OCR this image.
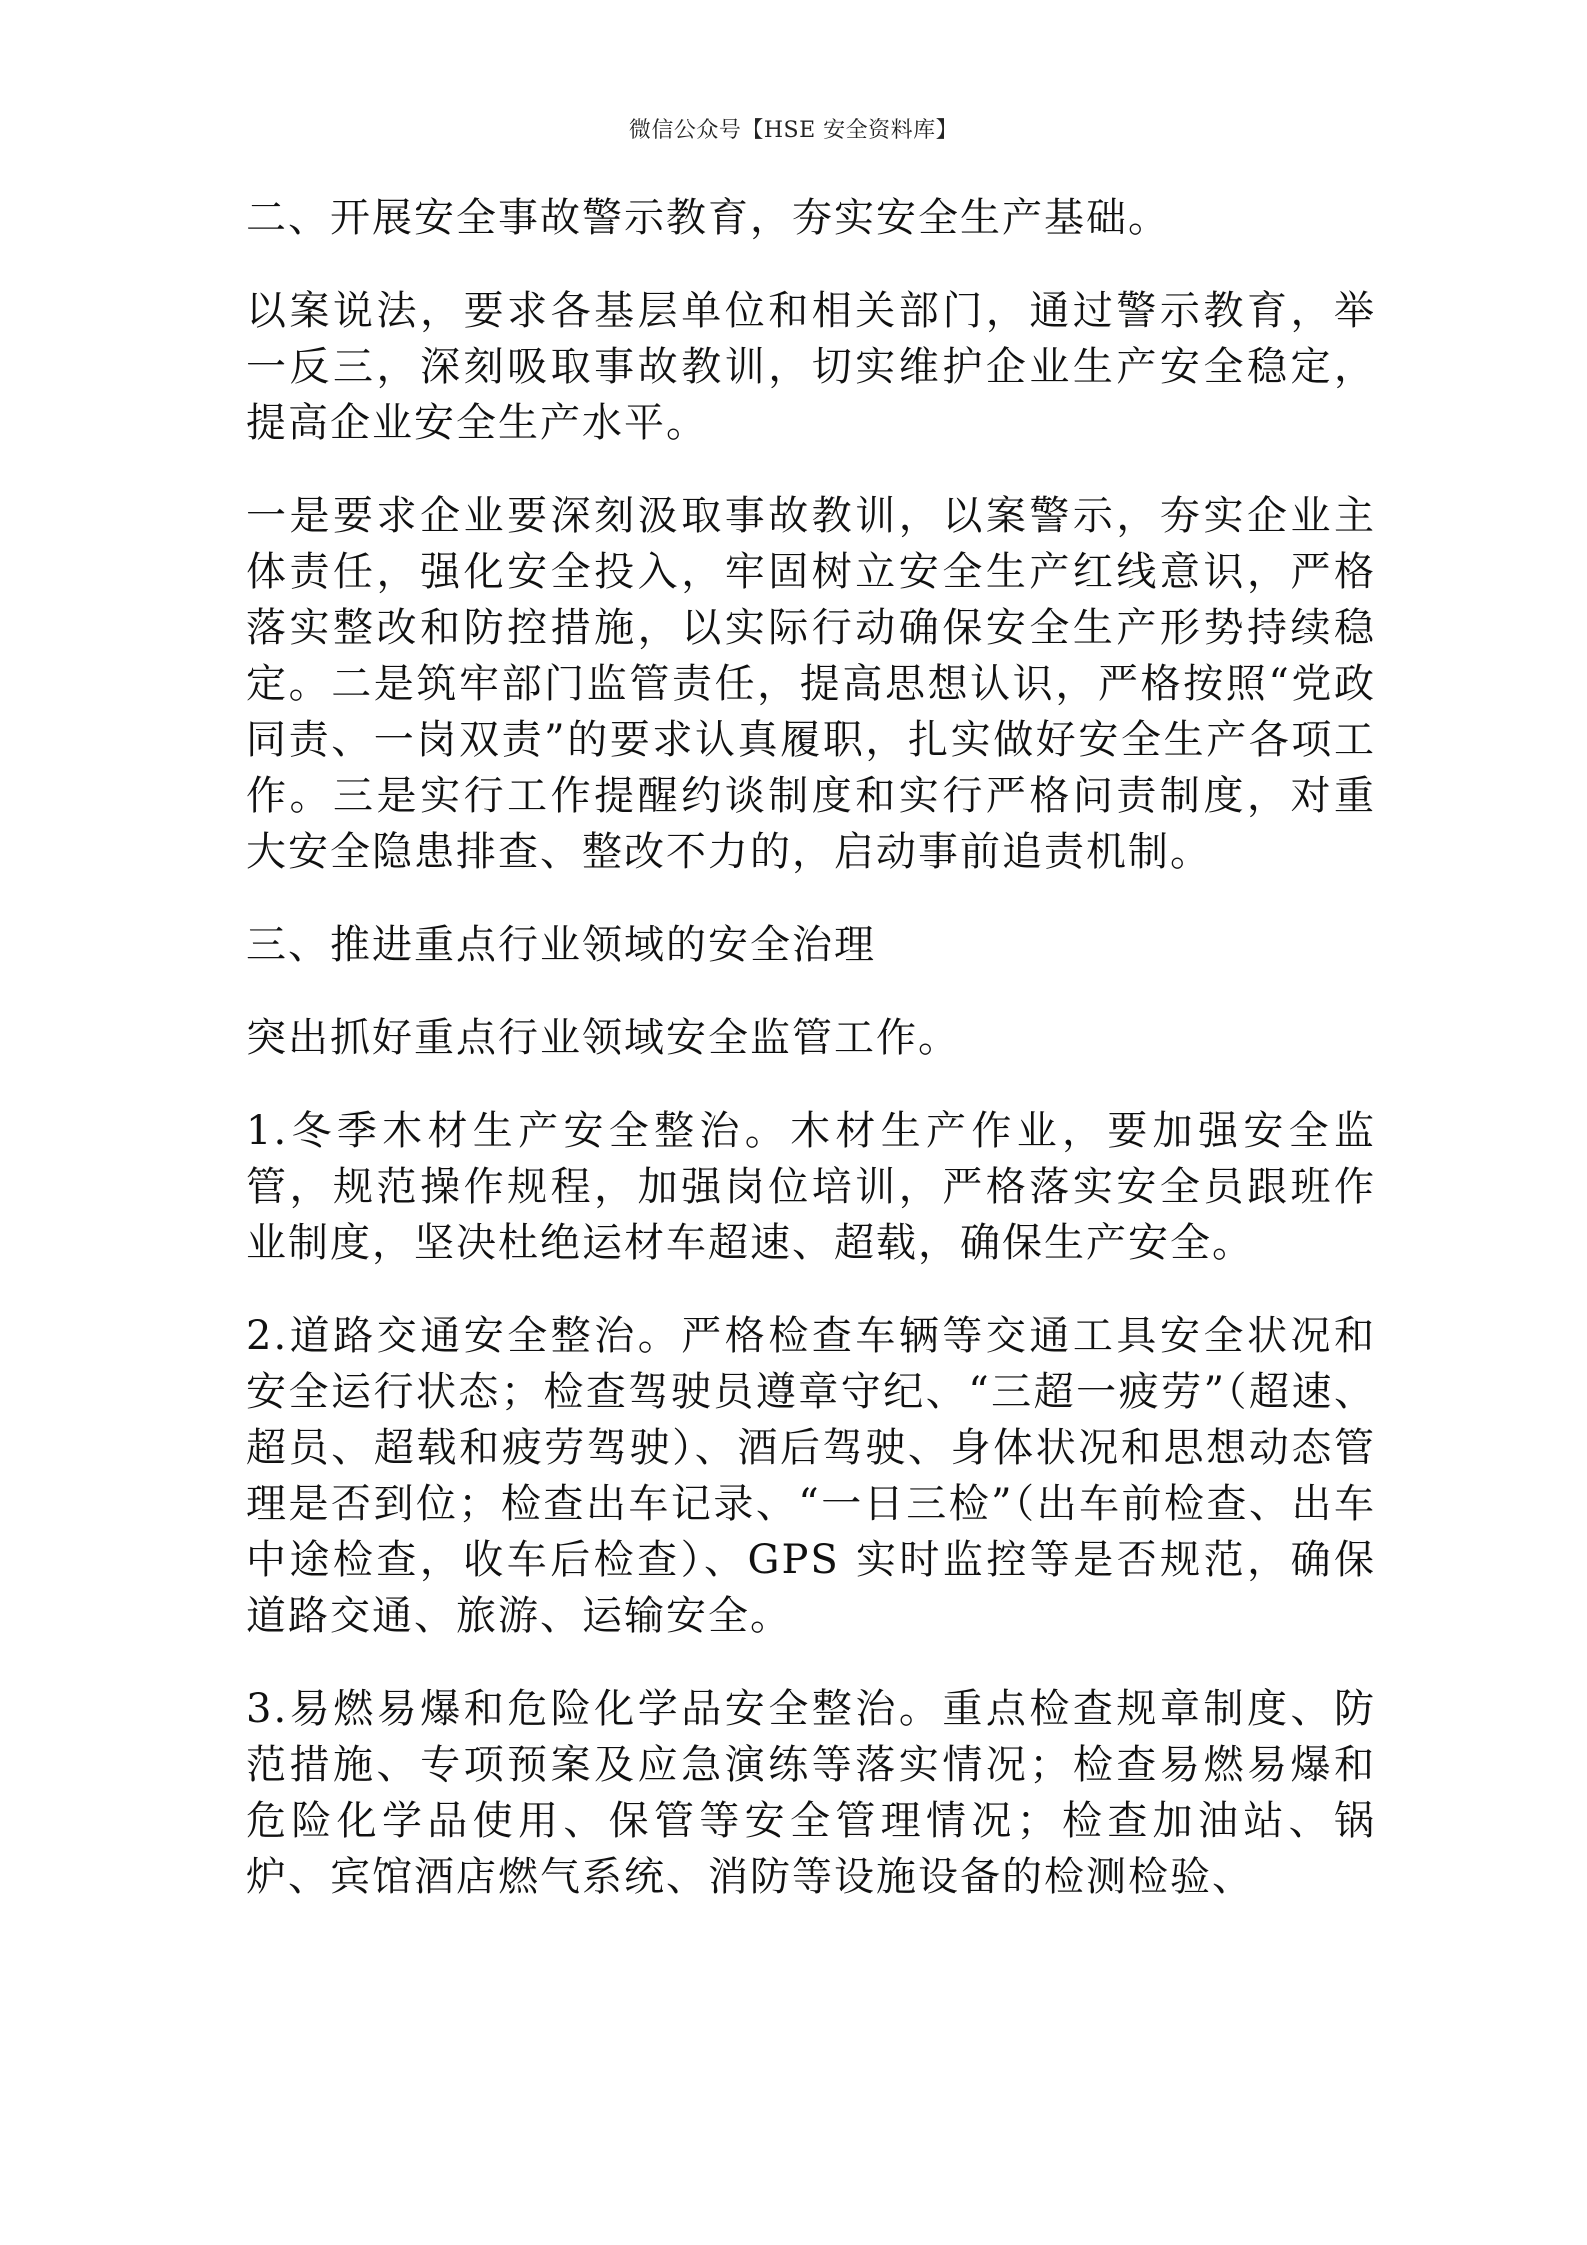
微信公众号【HSE 安全资料库】

二、开展安全事故警示教育，夯实安全生产基础。

以案说法，要求各基层单位和相关部门，通过警示教育，举一反三，深刻吸取事故教训，切实维护企业生产安全稳定，提高企业安全生产水平。

一是要求企业要深刻汲取事故教训，以案警示，夯实企业主体责任，强化安全投入，牢固树立安全生产红线意识，严格落实整改和防控措施，以实际行动确保安全生产形势持续稳定。二是筑牢部门监管责任，提高思想认识，严格按照“党政同责、一岗双责”的要求认真履职，扎实做好安全生产各项工作。三是实行工作提醒约谈制度和实行严格问责制度，对重大安全隐患排查、整改不力的，启动事前追责机制。

三、推进重点行业领域的安全治理

突出抓好重点行业领域安全监管工作。

1.冬季木材生产安全整治。木材生产作业，要加强安全监管，规范操作规程，加强岗位培训，严格落实安全员跟班作业制度，坚决杜绝运材车超速、超载，确保生产安全。

2.道路交通安全整治。严格检查车辆等交通工具安全状况和安全运行状态；检查驾驶员遵章守纪、“三超一疲劳”（超速、超员、超载和疲劳驾驶）、酒后驾驶、身体状况和思想动态管理是否到位；检查出车记录、“一日三检”（出车前检查、出车中途检查，收车后检查）、GPS 实时监控等是否规范，确保道路交通、旅游、运输安全。

3.易燃易爆和危险化学品安全整治。重点检查规章制度、防范措施、专项预案及应急演练等落实情况；检查易燃易爆和危险化学品使用、保管等安全管理情况；检查加油站、锅炉、宾馆酒店燃气系统、消防等设施设备的检测检验、
